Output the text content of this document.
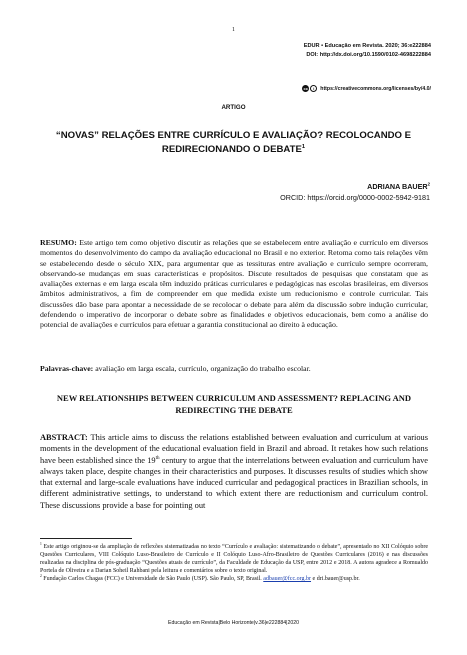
1
EDUR • Educação em Revista. 2020; 36:e222884
DOI: http://dx.doi.org/10.1590/0102-4698222884
cc	i	https://creativecommons.org/licenses/by/4.0/
ARTIGO
“NOVAS” RELAÇÕES ENTRE CURRÍCULO E AVALIAÇÃO? RECOLOCANDO E REDIRECIONANDO O DEBATE$^1$
ADRIANA BAUER$^2$
ORCID: https://orcid.org/0000-0002-5942-9181
RESUMO: Este artigo tem como objetivo discutir as relações que se estabelecem entre avaliação e currículo em diversos momentos do desenvolvimento do campo da avaliação educacional no Brasil e no exterior. Retoma como tais relações vêm se estabelecendo desde o século XIX, para argumentar que as tessituras entre avaliação e currículo sempre ocorreram, observando-se mudanças em suas características e propósitos. Discute resultados de pesquisas que constatam que as avaliações externas e em larga escala têm induzido práticas curriculares e pedagógicas nas escolas brasileiras, em diversos âmbitos administrativos, a fim de compreender em que medida existe um reducionismo e controle curricular. Tais discussões dão base para apontar a necessidade de se recolocar o debate para além da discussão sobre indução curricular, defendendo o imperativo de incorporar o debate sobre as finalidades e objetivos educacionais, bem como a análise do potencial de avaliações e currículos para efetuar a garantia constitucional ao direito à educação.
Palavras-chave: avaliação em larga escala, currículo, organização do trabalho escolar.
NEW RELATIONSHIPS BETWEEN CURRICULUM AND ASSESSMENT? REPLACING AND REDIRECTING THE DEBATE
ABSTRACT: This article aims to discuss the relations established between evaluation and curriculum at various moments in the development of the educational evaluation field in Brazil and abroad. It retakes how such relations have been established since the 19th century to argue that the interrelations between evaluation and curriculum have always taken place, despite changes in their characteristics and purposes. It discusses results of studies which show that external and large-scale evaluations have induced curricular and pedagogical practices in Brazilian schools, in different administrative settings, to understand to which extent there are reductionism and curriculum control. These discussions provide a base for pointing out

$^1$ Este artigo originou-se da ampliação de reflexões sistematizadas no texto “Currículo e avaliação: sistematizando o debate”, apresentado no XII Colóquio sobre Questões Curriculares, VIII Colóquio Luso-Brasileiro de Currículo e II Colóquio Luso-Afro-Brasileiro de Questões Curriculares (2016) e nas discussões realizadas na disciplina de pós-graduação “Questões atuais de currículo”, da Faculdade de Educação da USP, entre 2012 e 2018. A autora agradece a Romualdo Portela de Oliveira e a Darian Soheil Rahbani pela leitura e comentários sobre o texto original.

$^2$ Fundação Carlos Chagas (FCC) e Universidade de São Paulo (USP). São Paulo, SP, Brasil. adbauer@fcc.org.br e dri.bauer@usp.br.

Educação em Revista|Belo Horizonte|v.36|e222884|2020
